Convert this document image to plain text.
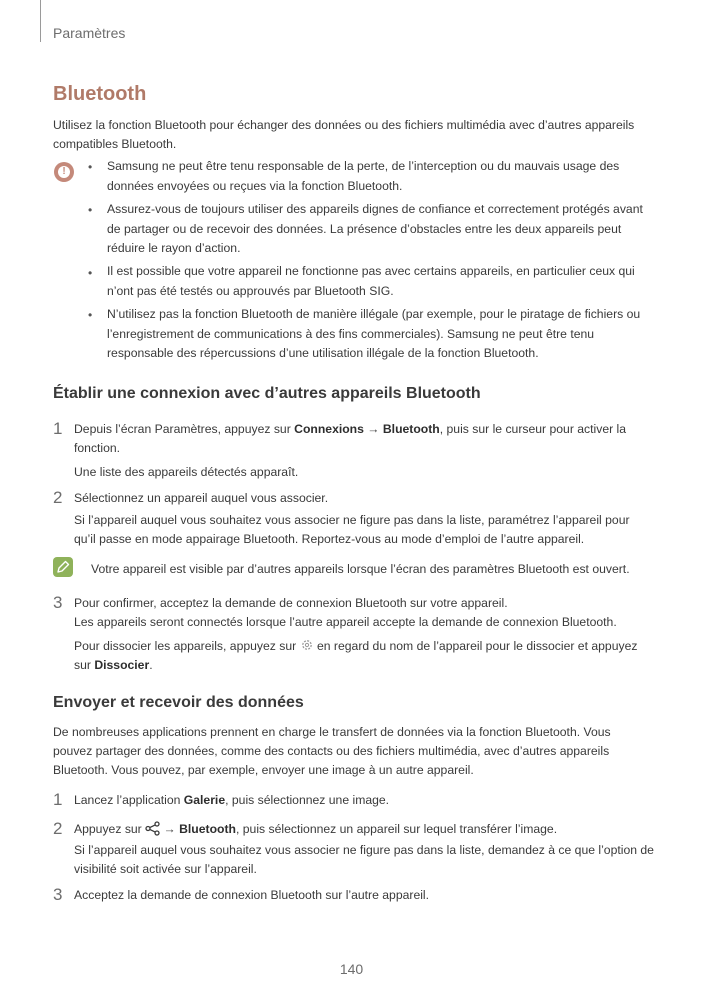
Paramètres
Bluetooth
Utilisez la fonction Bluetooth pour échanger des données ou des fichiers multimédia avec d’autres appareils compatibles Bluetooth.
!	• Samsung ne peut être tenu responsable de la perte, de l’interception ou du mauvais usage des données envoyées ou reçues via la fonction Bluetooth.
• Assurez-vous de toujours utiliser des appareils dignes de confiance et correctement protégés avant de partager ou de recevoir des données. La présence d’obstacles entre les deux appareils peut réduire le rayon d’action.
• Il est possible que votre appareil ne fonctionne pas avec certains appareils, en particulier ceux qui n’ont pas été testés ou approuvés par Bluetooth SIG.
• N’utilisez pas la fonction Bluetooth de manière illégale (par exemple, pour le piratage de fichiers ou l’enregistrement de communications à des fins commerciales). Samsung ne peut être tenu responsable des répercussions d’une utilisation illégale de la fonction Bluetooth.
Établir une connexion avec d’autres appareils Bluetooth
1 Depuis l’écran Paramètres, appuyez sur Connexions → Bluetooth, puis sur le curseur pour activer la fonction.
Une liste des appareils détectés apparaît.
2 Sélectionnez un appareil auquel vous associer.
Si l’appareil auquel vous souhaitez vous associer ne figure pas dans la liste, paramétrez l’appareil pour qu’il passe en mode appairage Bluetooth. Reportez-vous au mode d’emploi de l’autre appareil.
Votre appareil est visible par d’autres appareils lorsque l’écran des paramètres Bluetooth est ouvert.
3 Pour confirmer, acceptez la demande de connexion Bluetooth sur votre appareil.
Les appareils seront connectés lorsque l’autre appareil accepte la demande de connexion Bluetooth.
Pour dissocier les appareils, appuyez sur  en regard du nom de l’appareil pour le dissocier et appuyez sur Dissocier.
Envoyer et recevoir des données
De nombreuses applications prennent en charge le transfert de données via la fonction Bluetooth. Vous pouvez partager des données, comme des contacts ou des fichiers multimédia, avec d’autres appareils Bluetooth. Vous pouvez, par exemple, envoyer une image à un autre appareil.
1 Lancez l’application Galerie, puis sélectionnez une image.
2 Appuyez sur  → Bluetooth, puis sélectionnez un appareil sur lequel transférer l’image.
Si l’appareil auquel vous souhaitez vous associer ne figure pas dans la liste, demandez à ce que l’option de visibilité soit activée sur l’appareil.
3 Acceptez la demande de connexion Bluetooth sur l’autre appareil.
140
